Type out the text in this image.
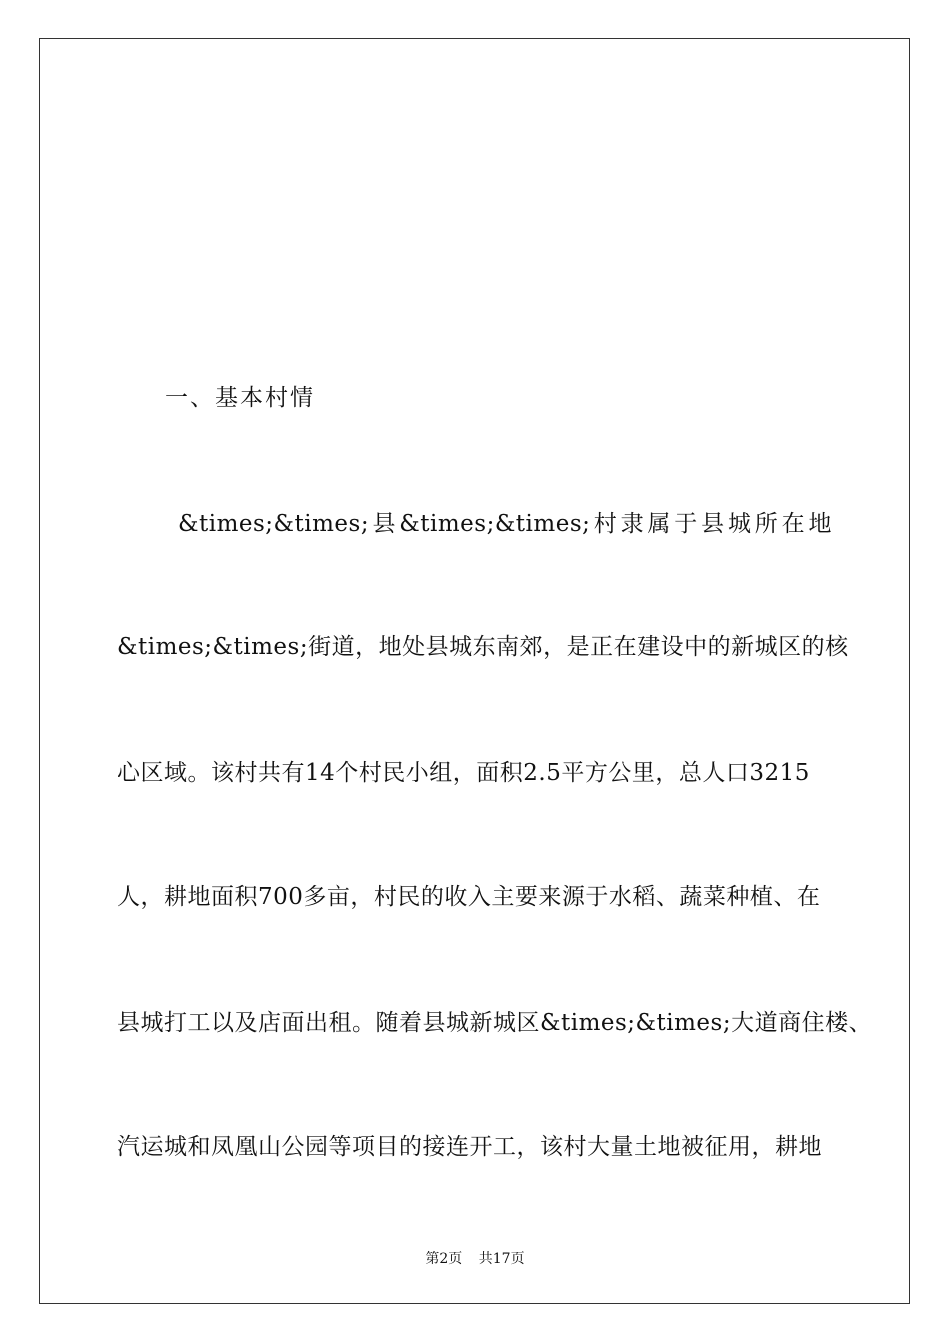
一、基本村情
&times;&times; 县 &times;&times; 村 隶 属 于 县 城 所 在 地
&times;&times;街道，地处县城东南郊，是正在建设中的新城区的核
心区域。该村共有14个村民小组，面积2.5平方公里，总人口3215
人，耕地面积700多亩，村民的收入主要来源于水稻、蔬菜种植、在
县城打工以及店面出租。随着县城新城区&times;&times;大道商住楼、
汽运城和凤凰山公园等项目的接连开工，该村大量土地被征用，耕地
第2页 共17页
